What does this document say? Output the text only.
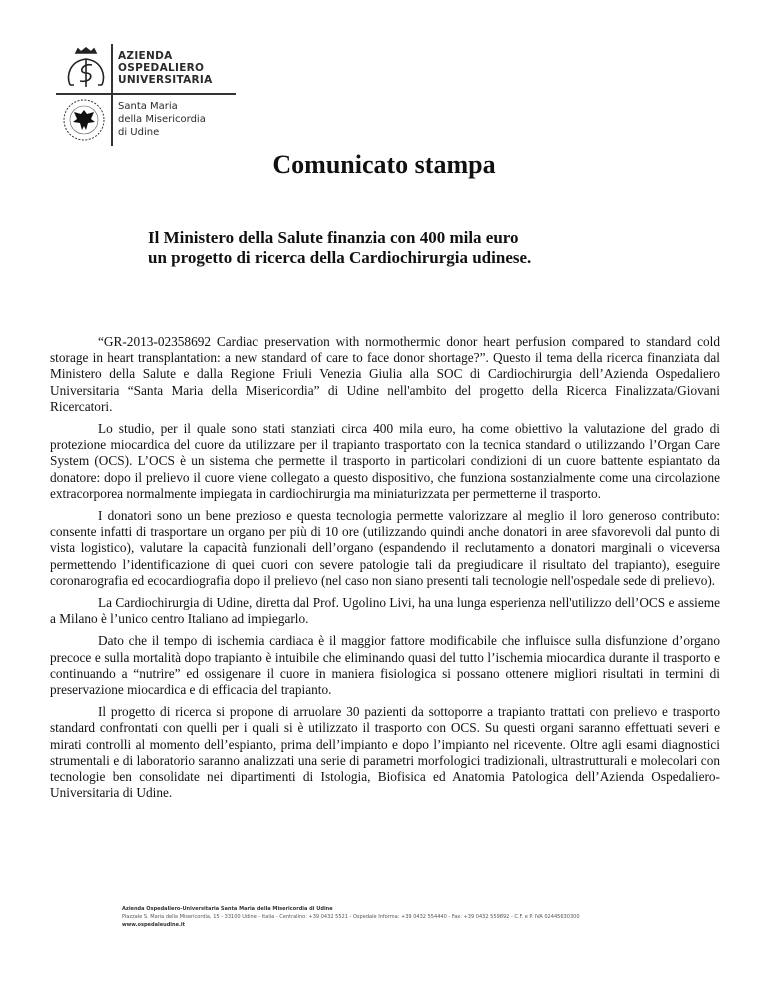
AZIENDA
OSPEDALIERO
UNIVERSITARIA
Santa Maria
della Misericordia
di Udine
Comunicato stampa
Il Ministero della Salute finanzia con 400 mila euro
un progetto di ricerca della Cardiochirurgia udinese.

“GR-2013-02358692 Cardiac preservation with normothermic donor heart perfusion compared to standard cold storage in heart transplantation: a new standard of care to face donor shortage?”. Questo il tema della ricerca finanziata dal Ministero della Salute e dalla Regione Friuli Venezia Giulia alla SOC di Cardiochirurgia dell’Azienda Ospedaliero Universitaria “Santa Maria della Misericordia” di Udine nell'ambito del progetto della Ricerca Finalizzata/Giovani Ricercatori.

Lo studio, per il quale sono stati stanziati circa 400 mila euro, ha come obiettivo la valutazione del grado di protezione miocardica del cuore da utilizzare per il trapianto trasportato con la tecnica standard o utilizzando l’Organ Care System (OCS). L’OCS è un sistema che permette il trasporto in particolari condizioni di un cuore battente espiantato da donatore: dopo il prelievo il cuore viene collegato a questo dispositivo, che funziona sostanzialmente come una circolazione extracorporea normalmente impiegata in cardiochirurgia ma miniaturizzata per permetterne il trasporto.

I donatori sono un bene prezioso e questa tecnologia permette valorizzare al meglio il loro generoso contributo: consente infatti di trasportare un organo per più di 10 ore (utilizzando quindi anche donatori in aree sfavorevoli dal punto di vista logistico), valutare la capacità funzionali dell’organo (espandendo il reclutamento a donatori marginali o viceversa permettendo l’identificazione di quei cuori con severe patologie tali da pregiudicare il risultato del trapianto), eseguire coronarografia ed ecocardiografia dopo il prelievo (nel caso non siano presenti tali tecnologie nell'ospedale sede di prelievo).

La Cardiochirurgia di Udine, diretta dal Prof. Ugolino Livi, ha una lunga esperienza nell'utilizzo dell’OCS e assieme a Milano è l’unico centro Italiano ad impiegarlo.

Dato che il tempo di ischemia cardiaca è il maggior fattore modificabile che influisce sulla disfunzione d’organo precoce e sulla mortalità dopo trapianto è intuibile che eliminando quasi del tutto l’ischemia miocardica durante il trasporto e continuando a “nutrire” ed ossigenare il cuore in maniera fisiologica si possano ottenere migliori risultati in termini di preservazione miocardica e di efficacia del trapianto.

Il progetto di ricerca si propone di arruolare 30 pazienti da sottoporre a trapianto trattati con prelievo e trasporto standard confrontati con quelli per i quali si è utilizzato il trasporto con OCS. Su questi organi saranno effettuati severi e mirati controlli al momento dell’espianto, prima dell’impianto e dopo l’impianto nel ricevente. Oltre agli esami diagnostici strumentali e di laboratorio saranno analizzati una serie di parametri morfologici tradizionali, ultrastrutturali e molecolari con tecnologie ben consolidate nei dipartimenti di Istologia, Biofisica ed Anatomia Patologica dell’Azienda Ospedaliero-Universitaria di Udine.

Azienda Ospedaliero-Universitaria Santa Maria della Misericordia di Udine
Piazzale S. Maria della Misericordia, 15 - 33100 Udine - Italia - Centralino: +39 0432 5521 - Ospedale Informa: +39 0432 554440 - Fax: +39 0432 559892 - C.F. e P. IVA 02445630300
www.ospedaleudine.it
